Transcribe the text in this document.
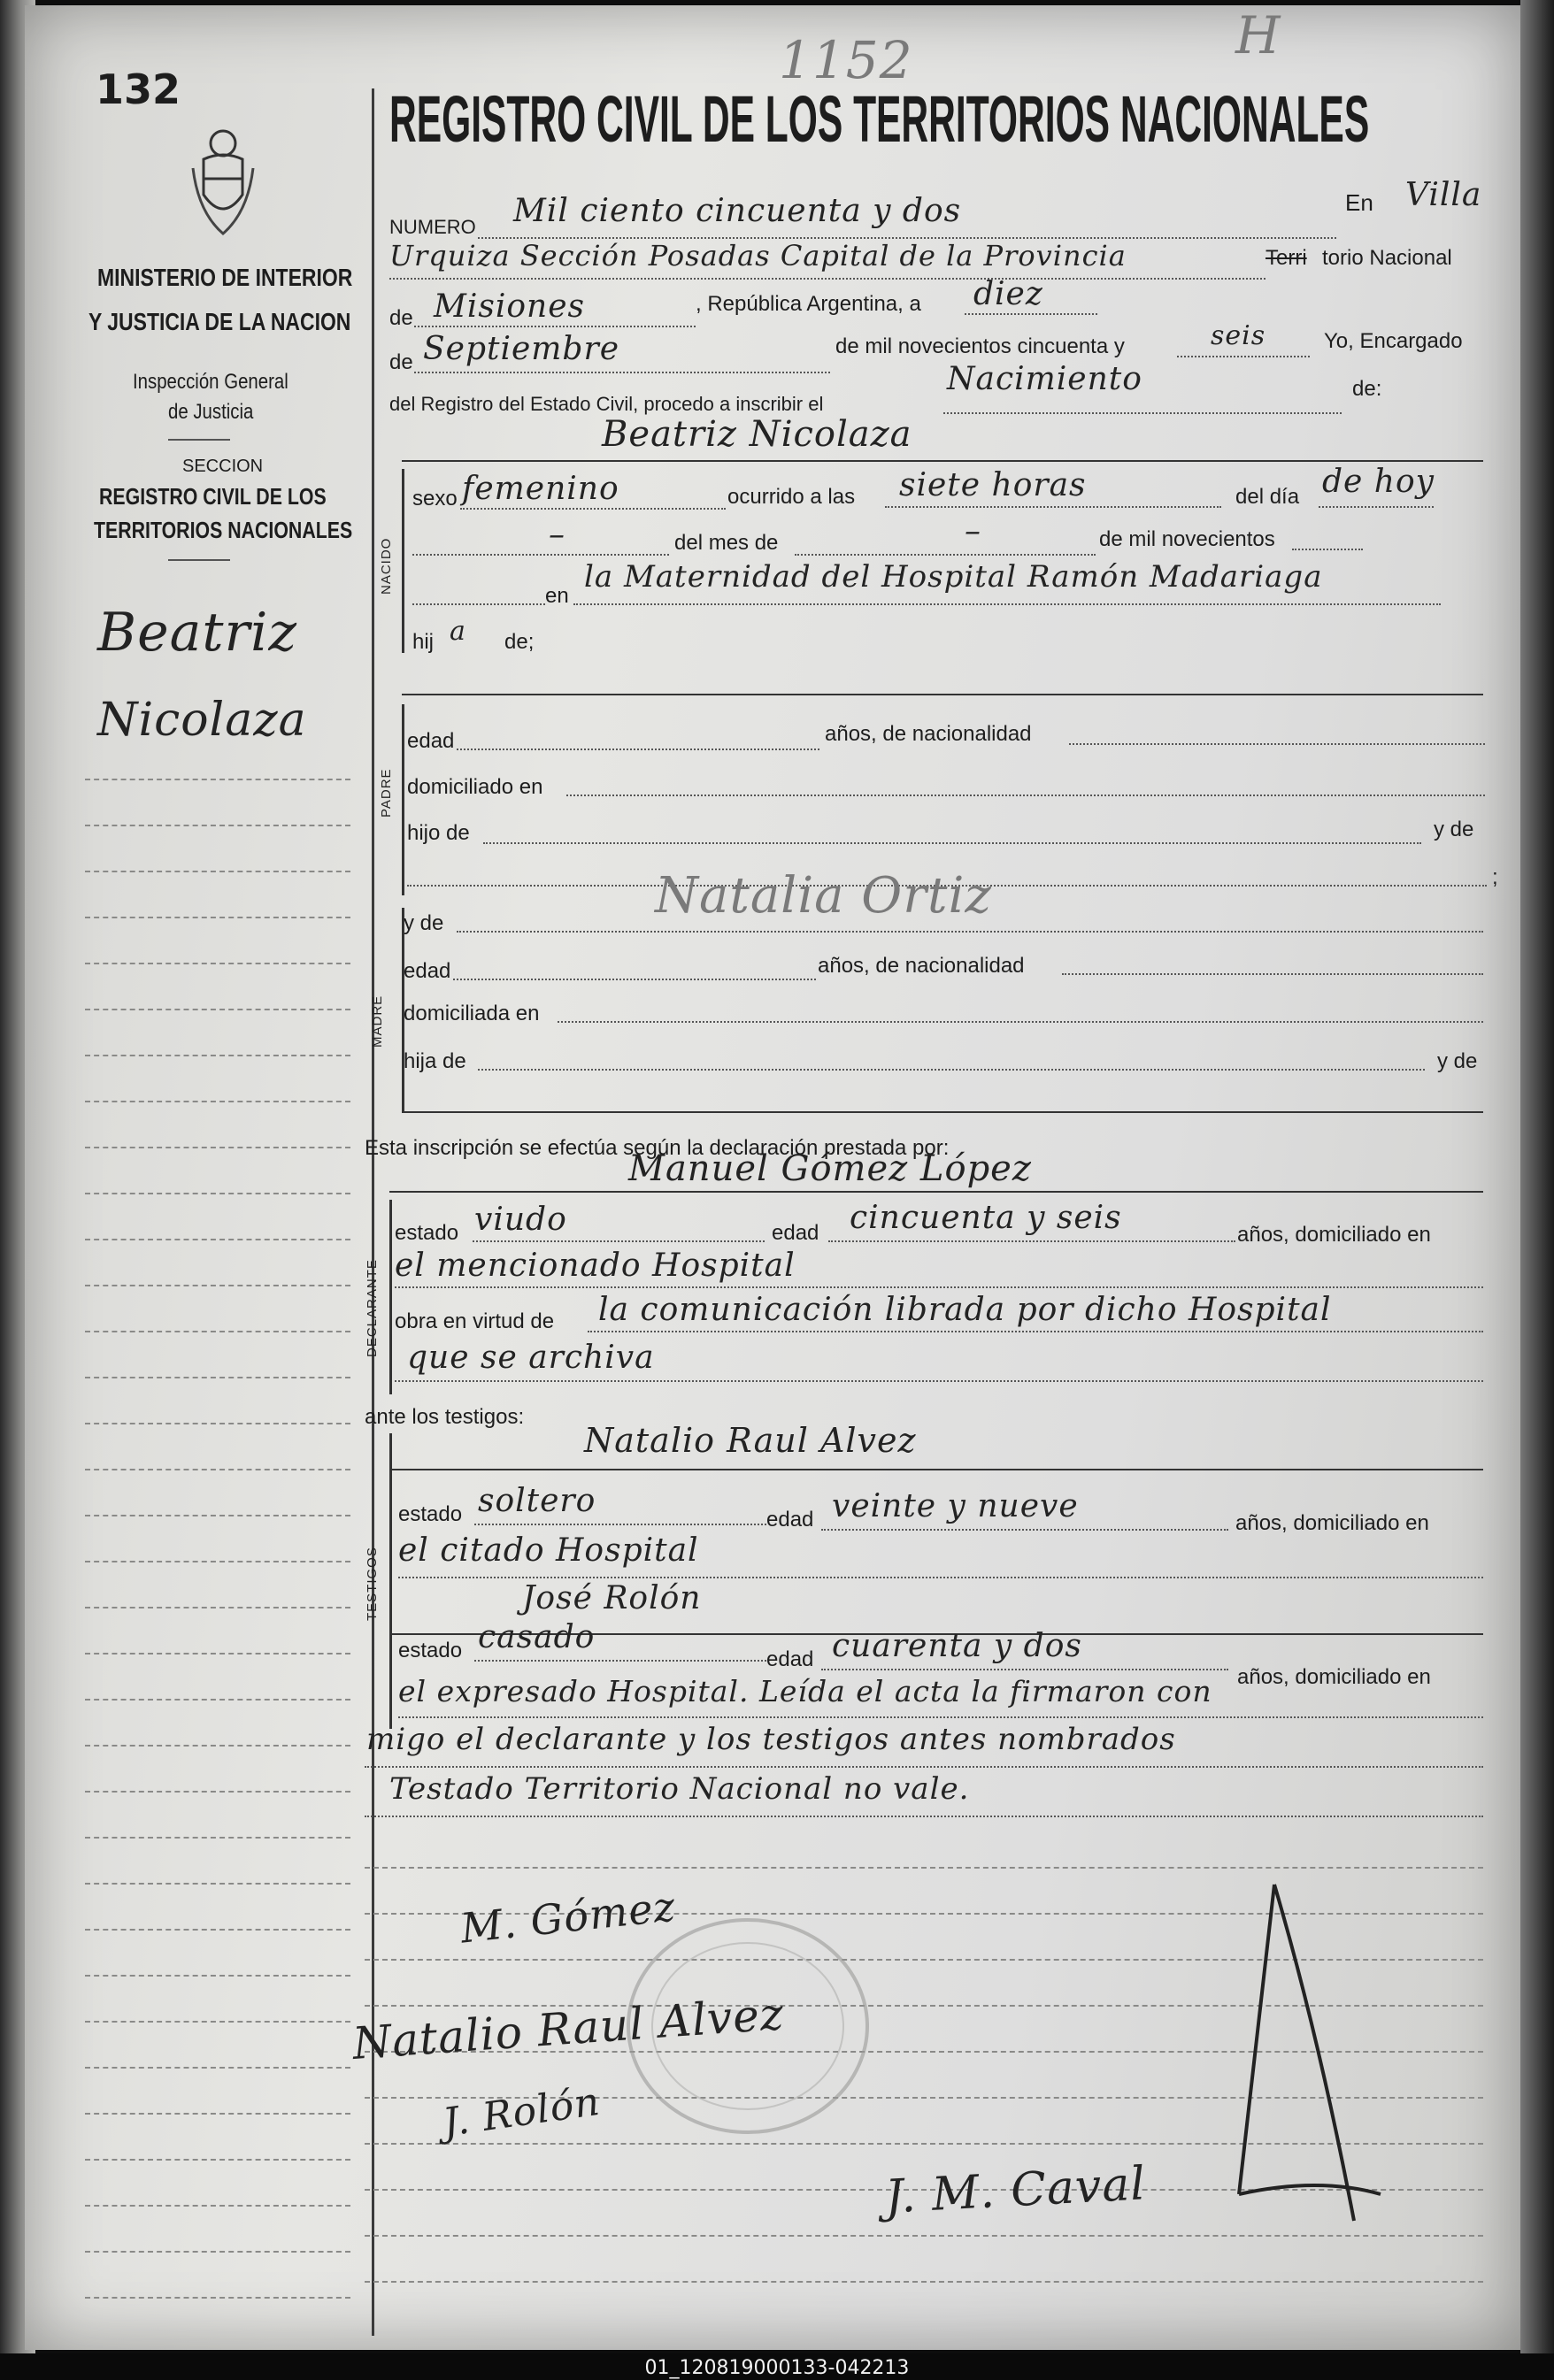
132
MINISTERIO DE INTERIOR
Y JUSTICIA DE LA NACION
Inspección General
de Justicia
SECCION
REGISTRO CIVIL DE LOS
TERRITORIOS NACIONALES
Beatriz
Nicolaza
1152	H
REGISTRO CIVIL DE LOS TERRITORIOS NACIONALES
NUMERO Mil ciento cincuenta y dos	En Villa
Urquiza Sección Posadas Capital de la Provincia	Terri torio Nacional
de Misiones	, República Argentina, a diez
de Septiembre	de mil novecientos cincuenta y	seis	Yo, Encargado
del Registro del Estado Civil, procedo a inscribir el
Nacimiento	de:
Beatriz Nicolaza
NACIDO
sexo femenino	ocurrido a las siete horas	del día de hoy
–	del mes de	–	de mil novecientos
en
la Maternidad del Hospital Ramón Madariaga
hij a de;
PADRE
edad	años, de nacionalidad
domiciliado en
hijo de	y de
;
Natalia Ortiz
MADRE
y de
edad	años, de nacionalidad
domiciliada en
hija de	y de
Esta inscripción se efectúa según la declaración prestada por:
Manuel Gómez López
DECLARANTE
estado viudo	edad cincuenta y seis	años, domiciliado en
el mencionado Hospital
obra en virtud de la comunicación librada por dicho Hospital
que se archiva
ante los testigos:
Natalio Raul Alvez
TESTIGOS
estado soltero
edad veinte y nueve	años, domiciliado en
el citado Hospital
José Rolón
estado casado
edad cuarenta y dos
años, domiciliado en
el expresado Hospital. Leída el acta la firmaron con
migo el declarante y los testigos antes nombrados
Testado Territorio Nacional no vale.
M. Gómez
Natalio Raul Alvez
J. Rolón
J. M. Caval
01_120819000133-042213
